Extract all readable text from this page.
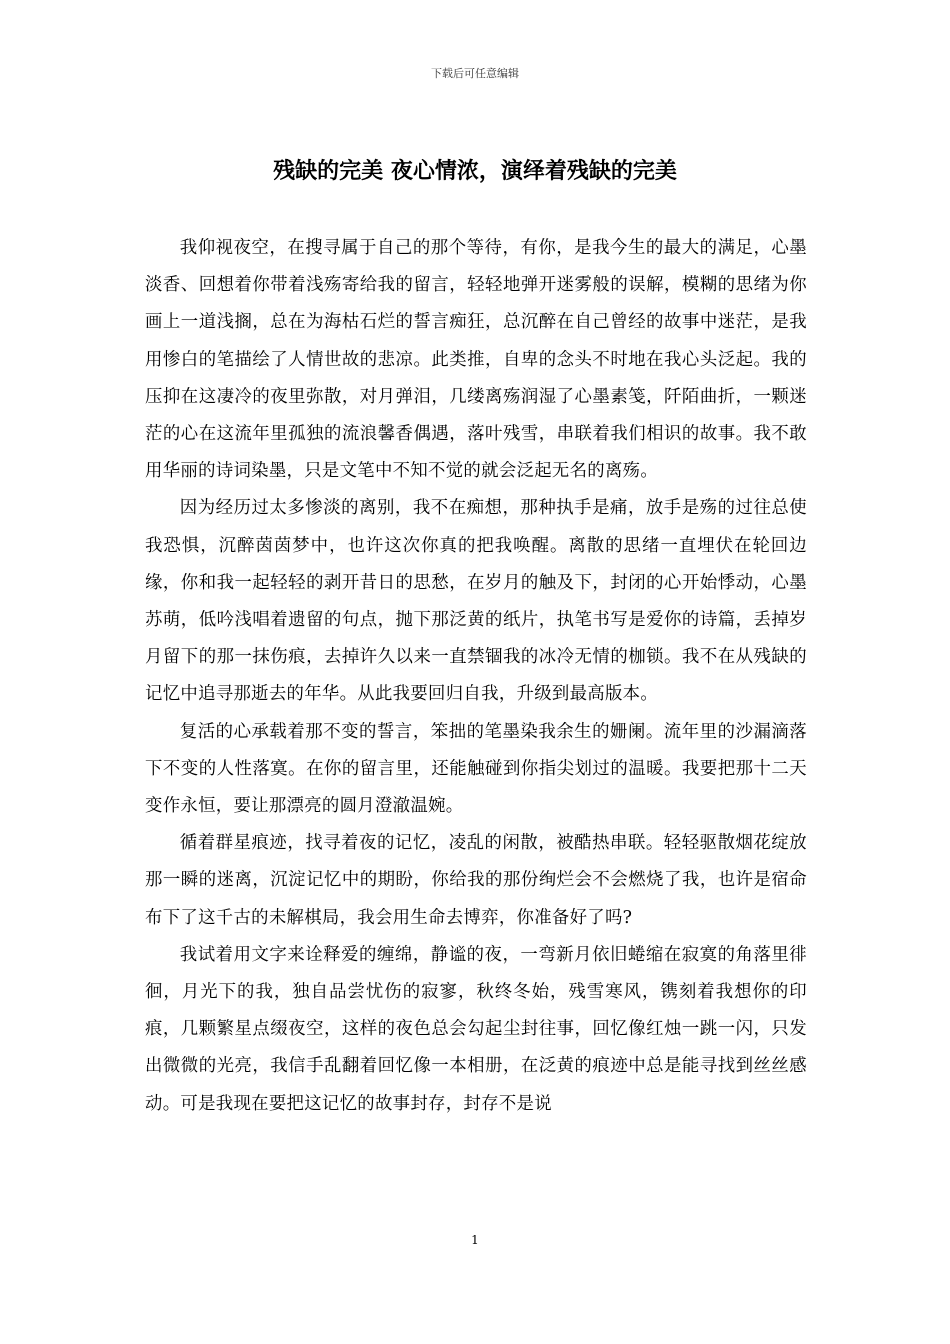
下载后可任意编辑
残缺的完美 夜心情浓，演绎着残缺的完美

我仰视夜空，在搜寻属于自己的那个等待，有你，是我今生的最大的满足，心墨淡香、回想着你带着浅殇寄给我的留言，轻轻地弹开迷雾般的误解，模糊的思绪为你画上一道浅搁，总在为海枯石烂的誓言痴狂，总沉醉在自己曾经的故事中迷茫，是我用惨白的笔描绘了人情世故的悲凉。此类推，自卑的念头不时地在我心头泛起。我的压抑在这凄冷的夜里弥散，对月弹泪，几缕离殇润湿了心墨素笺，阡陌曲折，一颗迷茫的心在这流年里孤独的流浪馨香偶遇，落叶残雪，串联着我们相识的故事。我不敢用华丽的诗词染墨，只是文笔中不知不觉的就会泛起无名的离殇。

因为经历过太多惨淡的离别，我不在痴想，那种执手是痛，放手是殇的过往总使我恐惧，沉醉茵茵梦中，也许这次你真的把我唤醒。离散的思绪一直埋伏在轮回边缘，你和我一起轻轻的剥开昔日的思愁，在岁月的触及下，封闭的心开始悸动，心墨苏萌，低吟浅唱着遗留的句点，抛下那泛黄的纸片，执笔书写是爱你的诗篇，丢掉岁月留下的那一抹伤痕，去掉许久以来一直禁锢我的冰冷无情的枷锁。我不在从残缺的记忆中追寻那逝去的年华。从此我要回归自我，升级到最高版本。

复活的心承载着那不变的誓言，笨拙的笔墨染我余生的姗阑。流年里的沙漏滴落下不变的人性落寞。在你的留言里，还能触碰到你指尖划过的温暖。我要把那十二天变作永恒，要让那漂亮的圆月澄澈温婉。

循着群星痕迹，找寻着夜的记忆，凌乱的闲散，被酷热串联。轻轻驱散烟花绽放那一瞬的迷离，沉淀记忆中的期盼，你给我的那份绚烂会不会燃烧了我，也许是宿命布下了这千古的未解棋局，我会用生命去博弈，你准备好了吗?

我试着用文字来诠释爱的缠绵，静谧的夜，一弯新月依旧蜷缩在寂寞的角落里徘徊，月光下的我，独自品尝忧伤的寂寥，秋终冬始，残雪寒风，镌刻着我想你的印痕，几颗繁星点缀夜空，这样的夜色总会勾起尘封往事，回忆像红烛一跳一闪，只发出微微的光亮，我信手乱翻着回忆像一本相册，在泛黄的痕迹中总是能寻找到丝丝感动。可是我现在要把这记忆的故事封存，封存不是说

1
